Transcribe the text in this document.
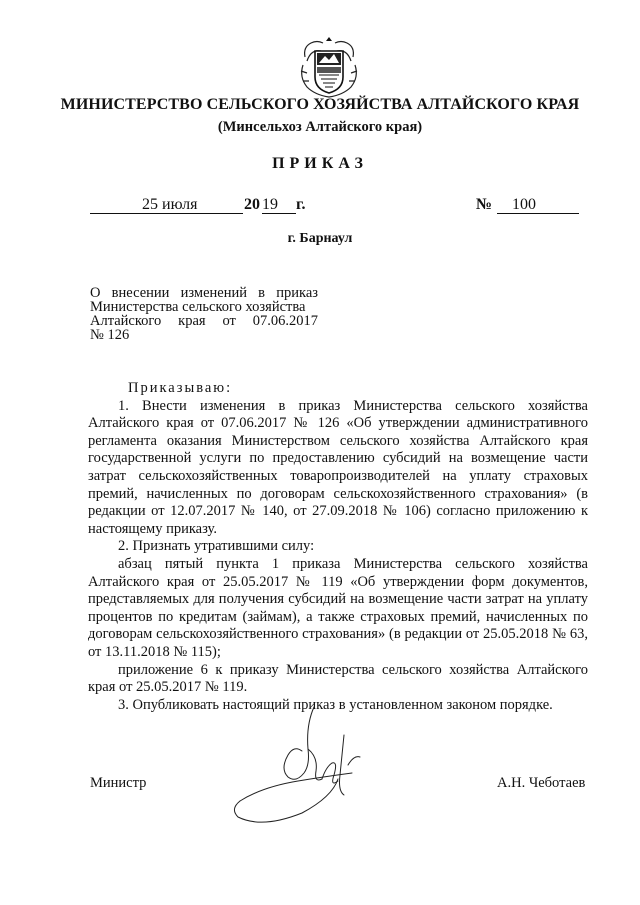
МИНИСТЕРСТВО СЕЛЬСКОГО ХОЗЯЙСТВА АЛТАЙСКОГО КРАЯ
(Минсельхоз Алтайского края)
ПРИКАЗ
25 июля	20 19 г.	№ 100
г. Барнаул
О внесении изменений в приказ
Министерства сельского хозяйства
Алтайского края от 07.06.2017
№ 126

Приказываю:

1. Внести изменения в приказ Министерства сельского хозяйства Алтайского края от 07.06.2017 № 126 «Об утверждении административного регламента оказания Министерством сельского хозяйства Алтайского края государственной услуги по предоставлению субсидий на возмещение части затрат сельскохозяйственных товаропроизводителей на уплату страховых премий, начисленных по договорам сельскохозяйственного страхования» (в редакции от 12.07.2017 № 140, от 27.09.2018 № 106) согласно приложению к настоящему приказу.

2. Признать утратившими силу:

абзац пятый пункта 1 приказа Министерства сельского хозяйства Алтайского края от 25.05.2017 № 119 «Об утверждении форм документов, представляемых для получения субсидий на возмещение части затрат на уплату процентов по кредитам (займам), а также страховых премий, начисленных по договорам сельскохозяйственного страхования» (в редакции от 25.05.2018 № 63, от 13.11.2018 № 115);

приложение 6 к приказу Министерства сельского хозяйства Алтайского края от 25.05.2017 № 119.

3. Опубликовать настоящий приказ в установленном законом порядке.

Министр	А.Н. Чеботаев
